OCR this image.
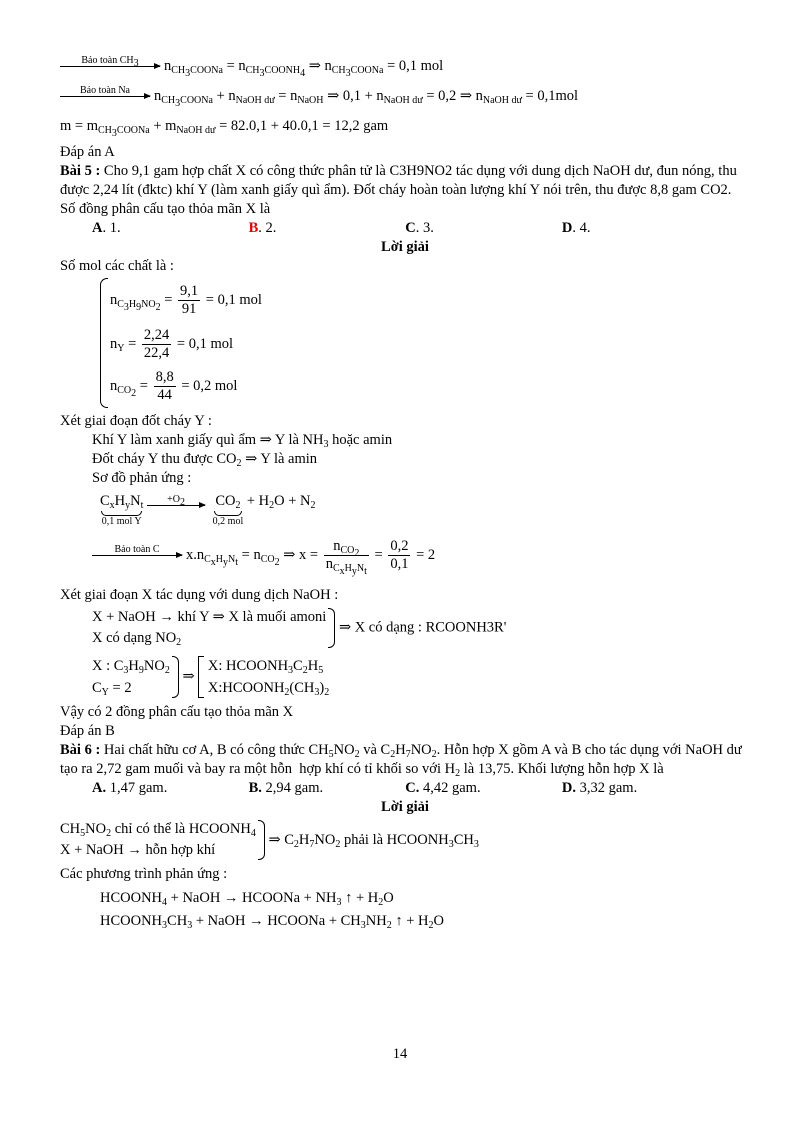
Bảo toàn $CH_3$	$n_{CH_3COONa} = n_{CH_3COONH_4}$ ⇒ $n_{CH_3COONa} = 0,1$ mol
Bảo toàn Na	$n_{CH_3COONa} + n_{NaOH dư} = n_{NaOH}$ ⇒ $0,1 + n_{NaOH dư} = 0,2$ ⇒ $n_{NaOH dư} = 0,1mol$
$m = m_{CH_3COONa} + m_{NaOH dư} = 82.0,1 + 40.0,1 = 12,2$ gam
Đáp án A
Bài 5 : Cho 9,1 gam hợp chất X có công thức phân tử là C3H9NO2 tác dụng với dung dịch NaOH dư, đun nóng, thu được 2,24 lít (đktc) khí Y (làm xanh giấy quì ẩm). Đốt cháy hoàn toàn lượng khí Y nói trên, thu được 8,8 gam CO2. Số đồng phân cấu tạo thỏa mãn X là
A. 1.	B. 2.	C. 3.	D. 4.
Lời giải
Số mol các chất là :
$n_{C_3H_9NO_2} = \frac{9,1}{91} = 0,1$ mol
$n_Y = \frac{2,24}{22,4} = 0,1$ mol
$n_{CO_2} = \frac{8,8}{44} = 0,2$ mol
Xét giai đoạn đốt cháy Y :
Khí Y làm xanh giấy quì ẩm ⇒ Y là $NH_3$ hoặc amin
Đốt cháy Y thu được $CO_2$ ⇒ Y là amin
Sơ đồ phản ứng :
$C_xH_yN_t$
0,1 mol Y

$+O_2$
	$CO_2$
0,2 mol
+ $H_2O + N_2$
Bảo toàn C	$x.n_{C_xH_yN_t} = n_{CO_2}$ ⇒ $x = \frac{n_{CO_2}}{n_{C_xH_yN_t}} = \frac{0,2}{0,1} = 2$
Xét giai đoạn X tác dụng với dung dịch NaOH :
X + NaOH → khí Y ⇒ X là muối amoni
X có dạng $NO_2$
⇒ X có dạng : RCOONH3R'
X : $C_3H_9NO_2$
$C_Y = 2$
⇒
X: $HCOONH_3C_2H_5$
$X:HCOONH_2(CH_3)_2$
Vậy có 2 đồng phân cấu tạo thỏa mãn X
Đáp án B
Bài 6 : Hai chất hữu cơ A, B có công thức $CH_5NO_2$ và $C_2H_7NO_2$. Hỗn hợp X gồm A và B cho tác dụng với NaOH dư tạo ra 2,72 gam muối và bay ra một hỗn  hợp khí có tỉ khối so với $H_2$ là 13,75. Khối lượng hỗn hợp X là
A. 1,47 gam.	B. 2,94 gam.	C. 4,42 gam.	D. 3,32 gam.
Lời giải
$CH_5NO_2$ chỉ có thể là $HCOONH_4$
X + NaOH → hỗn hợp khí
⇒ $C_2H_7NO_2$ phải là $HCOONH_3CH_3$
Các phương trình phản ứng :
$HCOONH_4$ + NaOH → HCOONa + $NH_3$ ↑ + $H_2O$
$HCOONH_3CH_3$ + NaOH → HCOONa + $CH_3NH_2$ ↑ + $H_2O$
14
